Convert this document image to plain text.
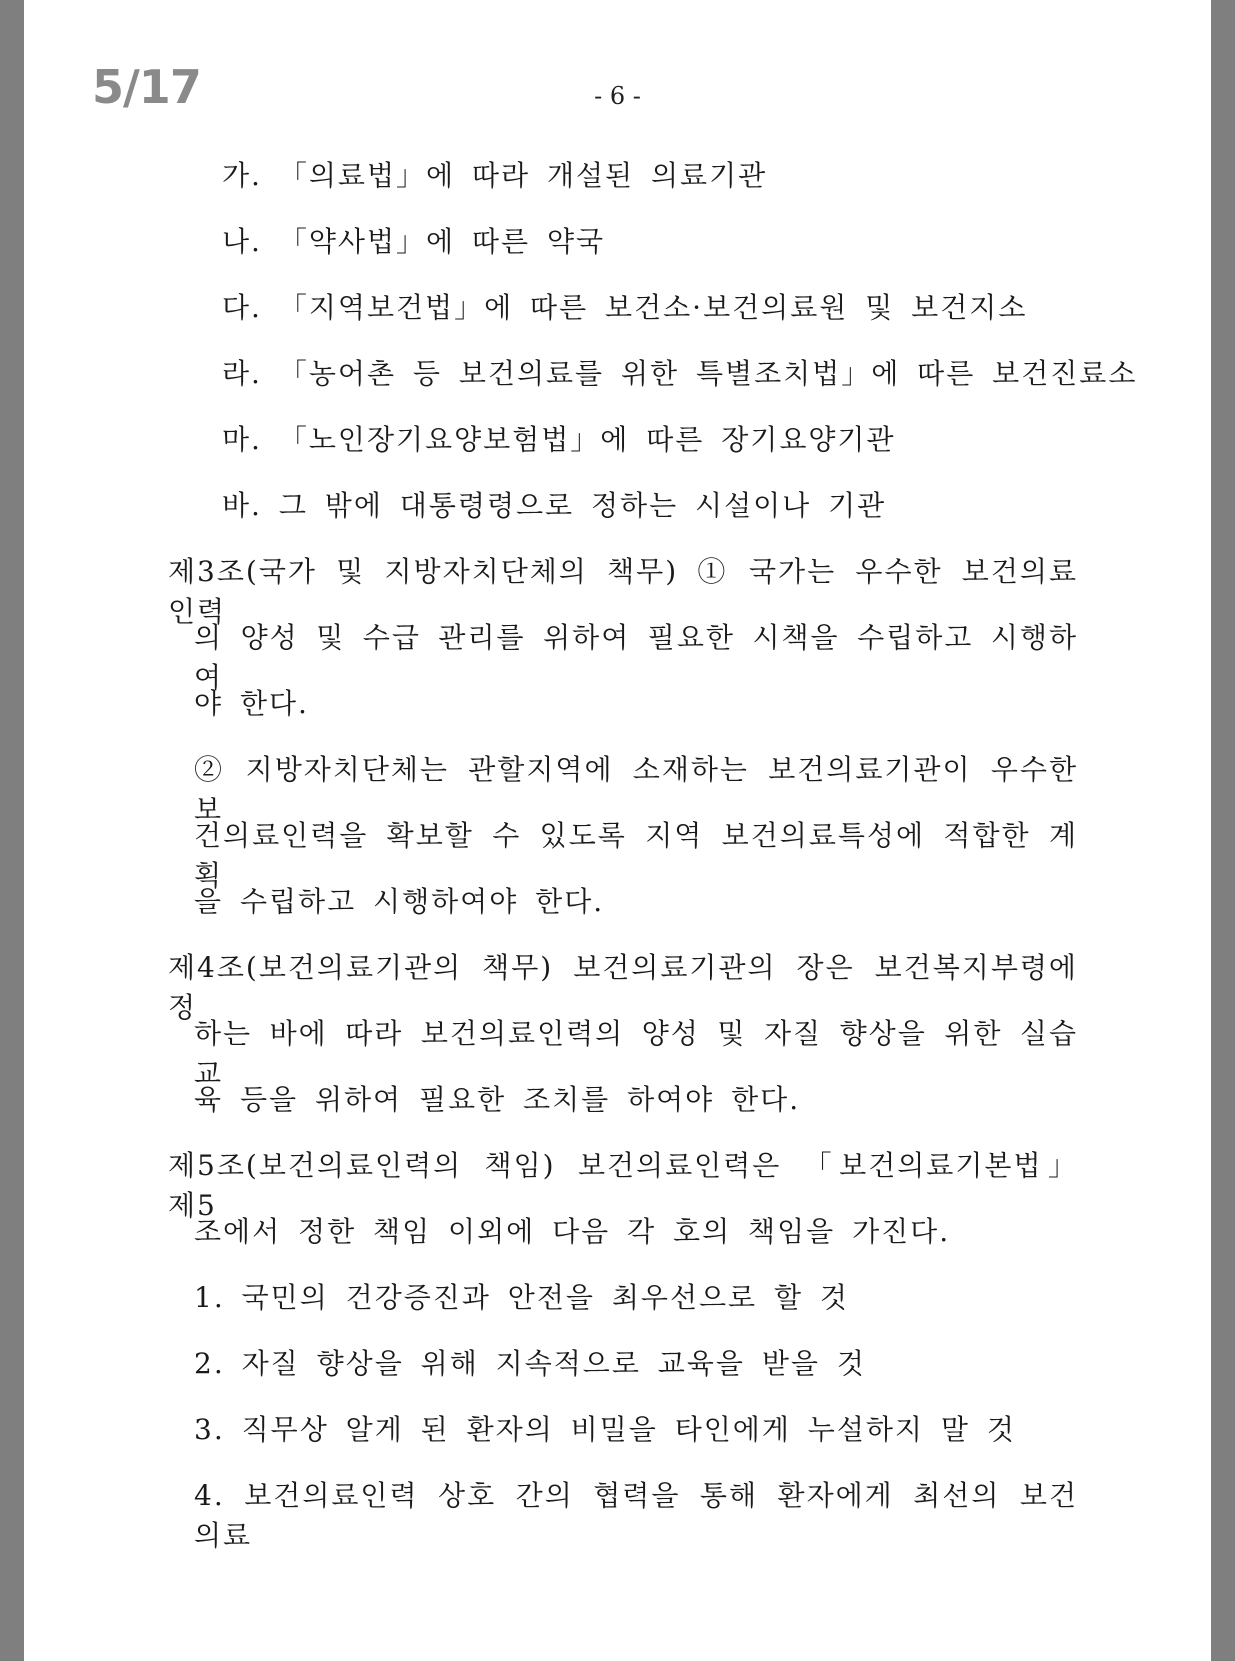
5/17	- 6 -
가. 「의료법」에 따라 개설된 의료기관
나. 「약사법」에 따른 약국
다. 「지역보건법」에 따른 보건소·보건의료원 및 보건지소
라. 「농어촌 등 보건의료를 위한 특별조치법」에 따른 보건진료소
마. 「노인장기요양보험법」에 따른 장기요양기관
바. 그 밖에 대통령령으로 정하는 시설이나 기관
제3조(국가 및 지방자치단체의 책무) ① 국가는 우수한 보건의료인력
의 양성 및 수급 관리를 위하여 필요한 시책을 수립하고 시행하여
야 한다.
② 지방자치단체는 관할지역에 소재하는 보건의료기관이 우수한 보
건의료인력을 확보할 수 있도록 지역 보건의료특성에 적합한 계획
을 수립하고 시행하여야 한다.
제4조(보건의료기관의 책무) 보건의료기관의 장은 보건복지부령에 정
하는 바에 따라 보건의료인력의 양성 및 자질 향상을 위한 실습 교
육 등을 위하여 필요한 조치를 하여야 한다.
제5조(보건의료인력의 책임) 보건의료인력은 「보건의료기본법」 제5
조에서 정한 책임 이외에 다음 각 호의 책임을 가진다.
1. 국민의 건강증진과 안전을 최우선으로 할 것
2. 자질 향상을 위해 지속적으로 교육을 받을 것
3. 직무상 알게 된 환자의 비밀을 타인에게 누설하지 말 것
4. 보건의료인력 상호 간의 협력을 통해 환자에게 최선의 보건의료
